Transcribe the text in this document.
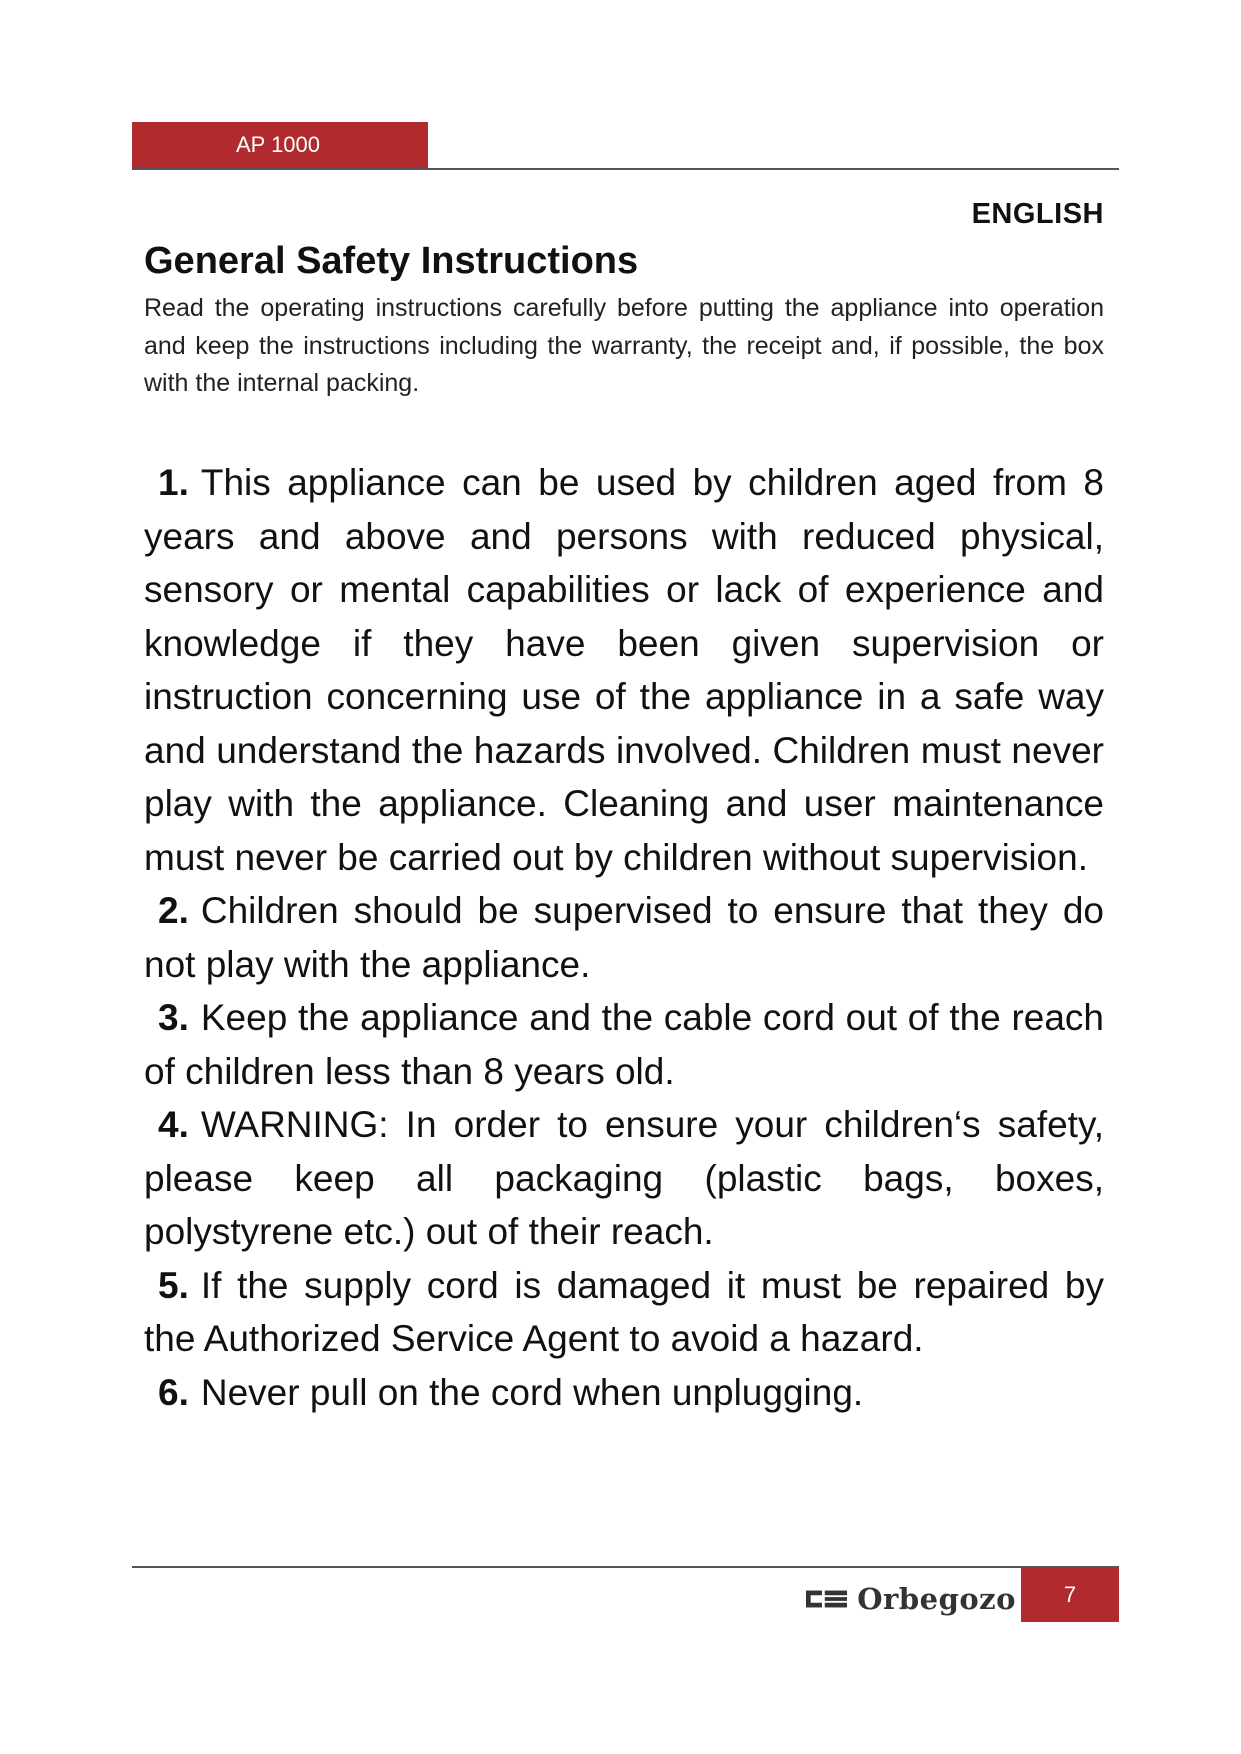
AP 1000
ENGLISH
General Safety Instructions

Read the operating instructions carefully before putting the appliance into operation and keep the instructions including the warranty, the receipt and, if possible, the box with the internal packing.

1. This appliance can be used by children aged from 8 years and above and persons with reduced physical, sensory or mental capabilities or lack of experience and knowledge if they have been given supervision or instruction concerning use of the appliance in a safe way and understand the hazards involved. Children must never play with the appliance. Cleaning and user maintenance must never be carried out by children without supervision.
2. Children should be supervised to ensure that they do not play with the appliance.
3. Keep the appliance and the cable cord out of the reach of children less than 8 years old.
4. WARNING: In order to ensure your children‘s safety, please keep all packaging (plastic bags, boxes, polystyrene etc.) out of their reach.
5. If the supply cord is damaged it must be repaired by the Authorized Service Agent to avoid a hazard.
6. Never pull on the cord when unplugging.
Orbegozo	7
